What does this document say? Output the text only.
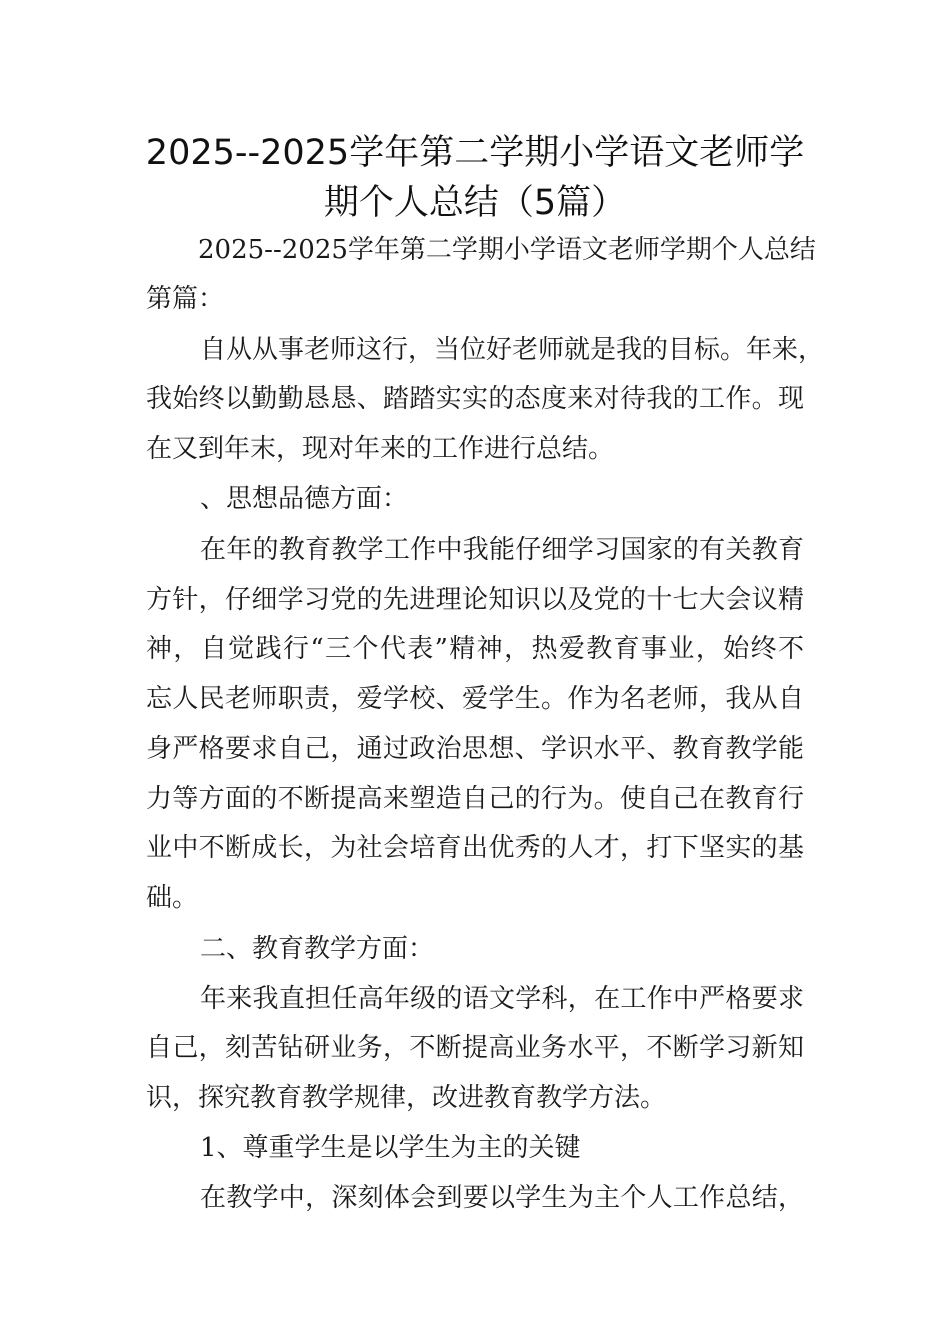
2025--2025学年第二学期小学语文老师学
期个人总结（5篇）
2025--2025学年第二学期小学语文老师学期个人总结
第篇：
自从从事老师这行，当位好老师就是我的目标。年来，
我始终以勤勤恳恳、踏踏实实的态度来对待我的工作。现
在又到年末，现对年来的工作进行总结。
、思想品德方面：
在年的教育教学工作中我能仔细学习国家的有关教育
方针，仔细学习党的先进理论知识以及党的十七大会议精
神，自觉践行“三个代表”精神，热爱教育事业，始终不
忘人民老师职责，爱学校、爱学生。作为名老师，我从自
身严格要求自己，通过政治思想、学识水平、教育教学能
力等方面的不断提高来塑造自己的行为。使自己在教育行
业中不断成长，为社会培育出优秀的人才，打下坚实的基
础。
二、教育教学方面：
年来我直担任高年级的语文学科，在工作中严格要求
自己，刻苦钻研业务，不断提高业务水平，不断学习新知
识，探究教育教学规律，改进教育教学方法。
1、尊重学生是以学生为主的关键
在教学中，深刻体会到要以学生为主个人工作总结，
